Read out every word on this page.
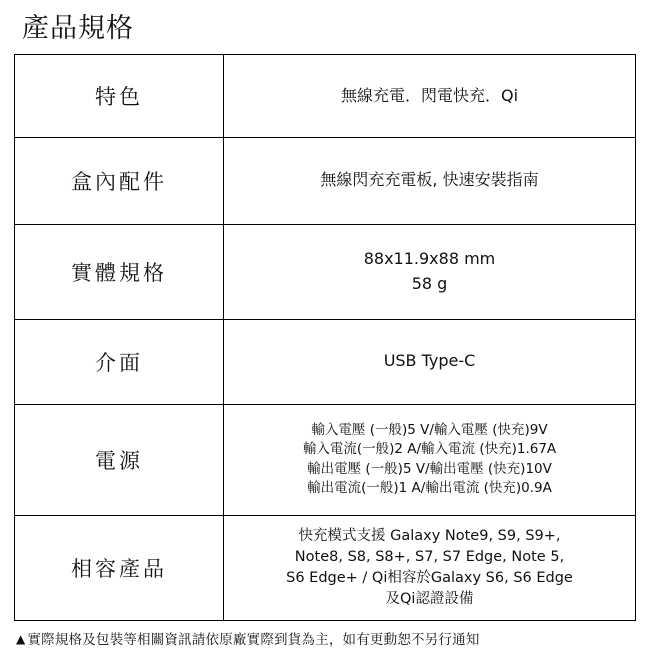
產品規格
特色	無線充電．閃電快充．Qi
盒內配件	無線閃充充電板, 快速安裝指南
實體規格	88x11.9x88 mm
58 g

介面	USB Type-C
電源	輸入電壓 (一般)5 V/輸入電壓 (快充)9V
輸入電流(一般)2 A/輸入電流 (快充)1.67A
輸出電壓 (一般)5 V/輸出電壓 (快充)10V
輸出電流(一般)1 A/輸出電流 (快充)0.9A

相容產品	快充模式支援 Galaxy Note9, S9, S9+,
Note8, S8, S8+, S7, S7 Edge, Note 5,
S6 Edge+ / Qi相容於Galaxy S6, S6 Edge
及Qi認證設備
▲ 實際規格及包裝等相關資訊請依原廠實際到貨為主，如有更動恕不另行通知
